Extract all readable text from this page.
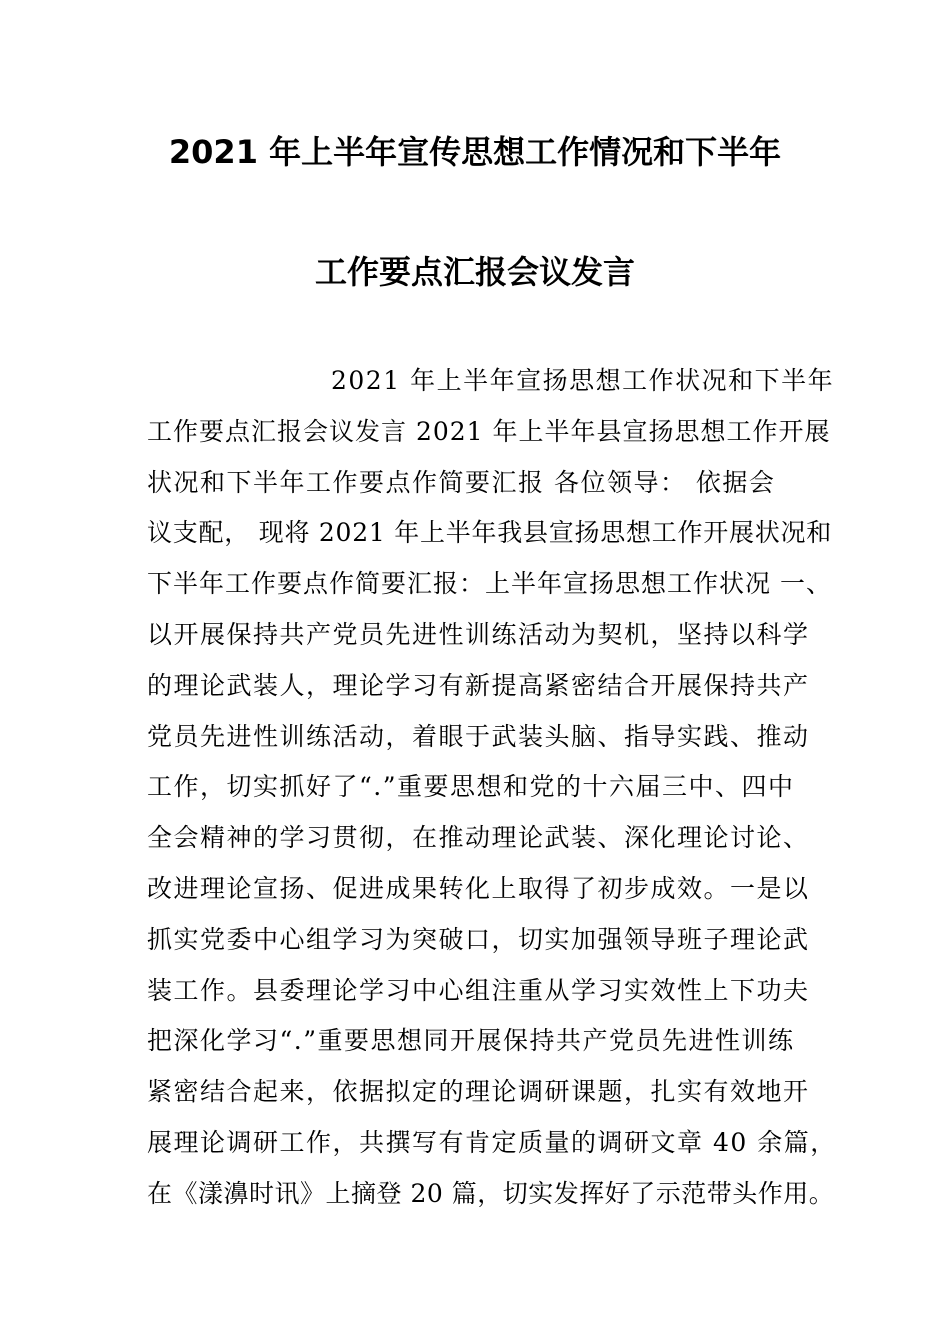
2021 年上半年宣传思想工作情况和下半年
工作要点汇报会议发言
2021 年上半年宣扬思想工作状况和下半年
工作要点汇报会议发言 2021 年上半年县宣扬思想工作开展
状况和下半年工作要点作简要汇报 各位领导： 依据会
议支配， 现将 2021 年上半年我县宣扬思想工作开展状况和
下半年工作要点作简要汇报：上半年宣扬思想工作状况 一、
以开展保持共产党员先进性训练活动为契机，坚持以科学
的理论武装人，理论学习有新提高紧密结合开展保持共产
党员先进性训练活动，着眼于武装头脑、指导实践、推动
工作，切实抓好了“.”重要思想和党的十六届三中、四中
全会精神的学习贯彻，在推动理论武装、深化理论讨论、
改进理论宣扬、促进成果转化上取得了初步成效。一是以
抓实党委中心组学习为突破口，切实加强领导班子理论武
装工作。县委理论学习中心组注重从学习实效性上下功夫
把深化学习“.”重要思想同开展保持共产党员先进性训练
紧密结合起来，依据拟定的理论调研课题，扎实有效地开
展理论调研工作，共撰写有肯定质量的调研文章 40 余篇，
在《漾濞时讯》上摘登 20 篇，切实发挥好了示范带头作用。
